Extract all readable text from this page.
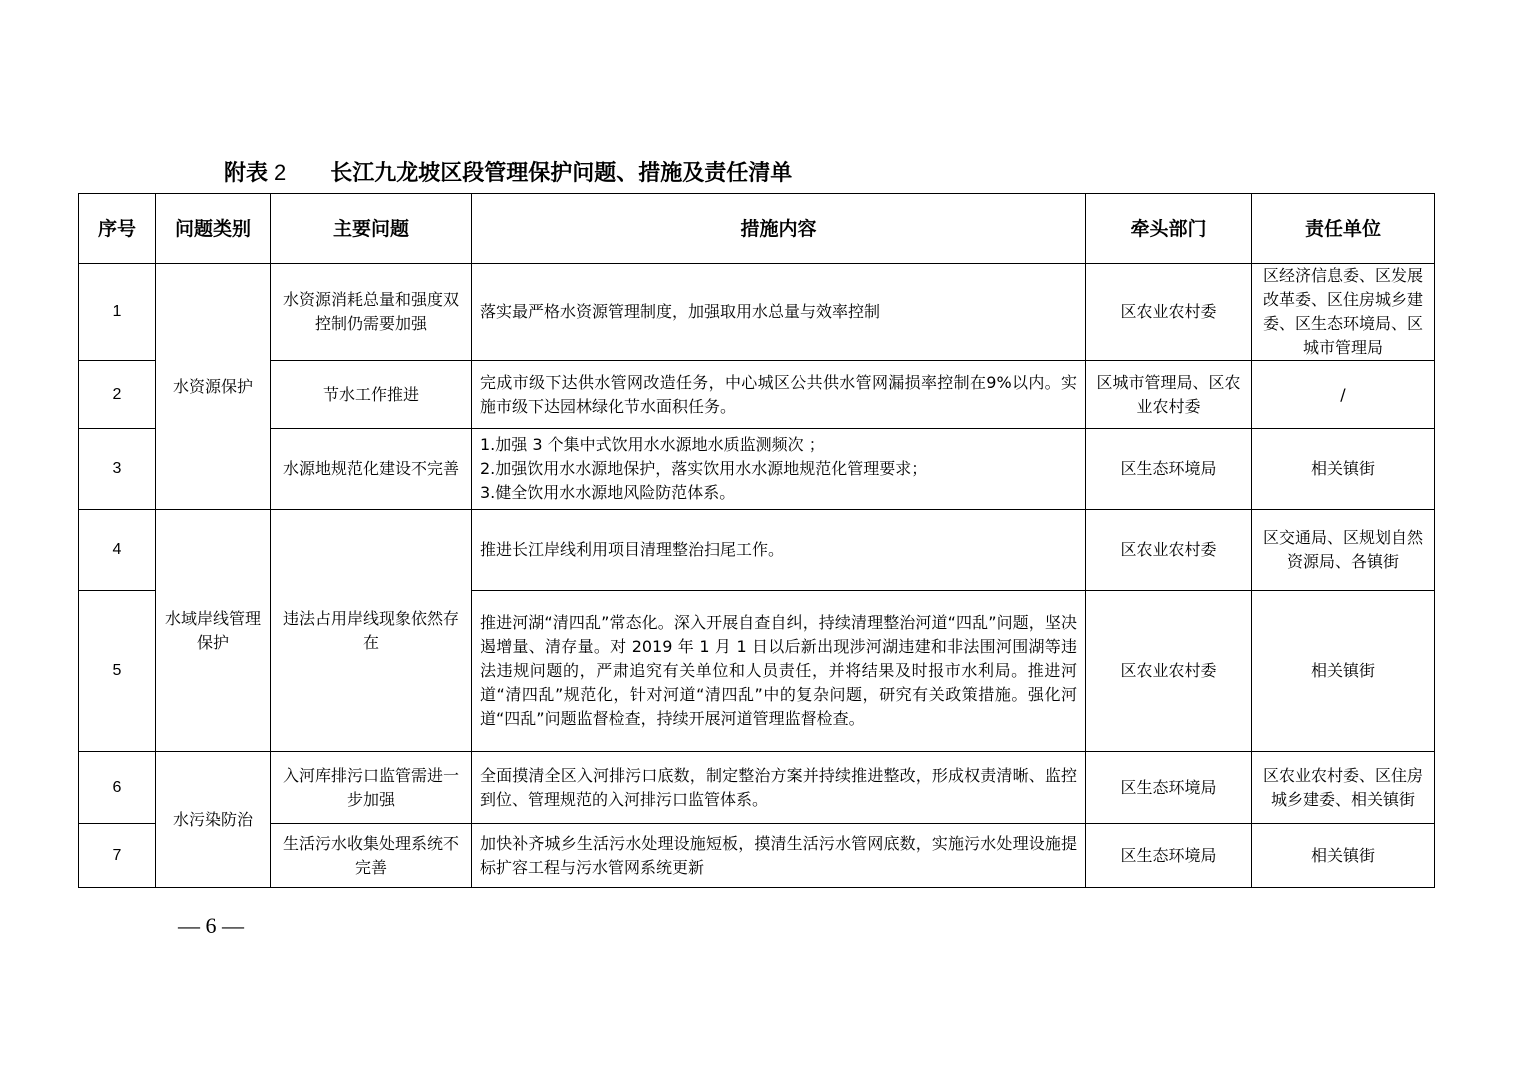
附表 2 长江九龙坡区段管理保护问题、措施及责任清单
序号	问题类别	主要问题	措施内容	牵头部门	责任单位
1	水资源保护	水资源消耗总量和强度双控制仍需要加强	落实最严格水资源管理制度，加强取用水总量与效率控制	区农业农村委	区经济信息委、区发展改革委、区住房城乡建委、区生态环境局、区城市管理局
2		节水工作推进	完成市级下达供水管网改造任务，中心城区公共供水管网漏损率控制在9%以内。实施市级下达园林绿化节水面积任务。	区城市管理局、区农业农村委	/
3		水源地规范化建设不完善	1.加强 3 个集中式饮用水水源地水质监测频次 ；
2.加强饮用水水源地保护，落实饮用水水源地规范化管理要求；
3.健全饮用水水源地风险防范体系。	区生态环境局	相关镇街
4	水域岸线管理保护	违法占用岸线现象依然存在	推进长江岸线利用项目清理整治扫尾工作。	区农业农村委	区交通局、区规划自然资源局、各镇街
5			推进河湖“清四乱”常态化。深入开展自查自纠，持续清理整治河道“四乱”问题，坚决遏增量、清存量。对 2019 年 1 月 1 日以后新出现涉河湖违建和非法围河围湖等违法违规问题的，严肃追究有关单位和人员责任，并将结果及时报市水利局。推进河道“清四乱”规范化，针对河道“清四乱”中的复杂问题，研究有关政策措施。强化河道“四乱”问题监督检查，持续开展河道管理监督检查。	区农业农村委	相关镇街
6	水污染防治	入河库排污口监管需进一步加强	全面摸清全区入河排污口底数，制定整治方案并持续推进整改，形成权责清晰、监控到位、管理规范的入河排污口监管体系。	区生态环境局	区农业农村委、区住房城乡建委、相关镇街
7		生活污水收集处理系统不完善	加快补齐城乡生活污水处理设施短板，摸清生活污水管网底数，实施污水处理设施提标扩容工程与污水管网系统更新	区生态环境局	相关镇街
— 6 —
